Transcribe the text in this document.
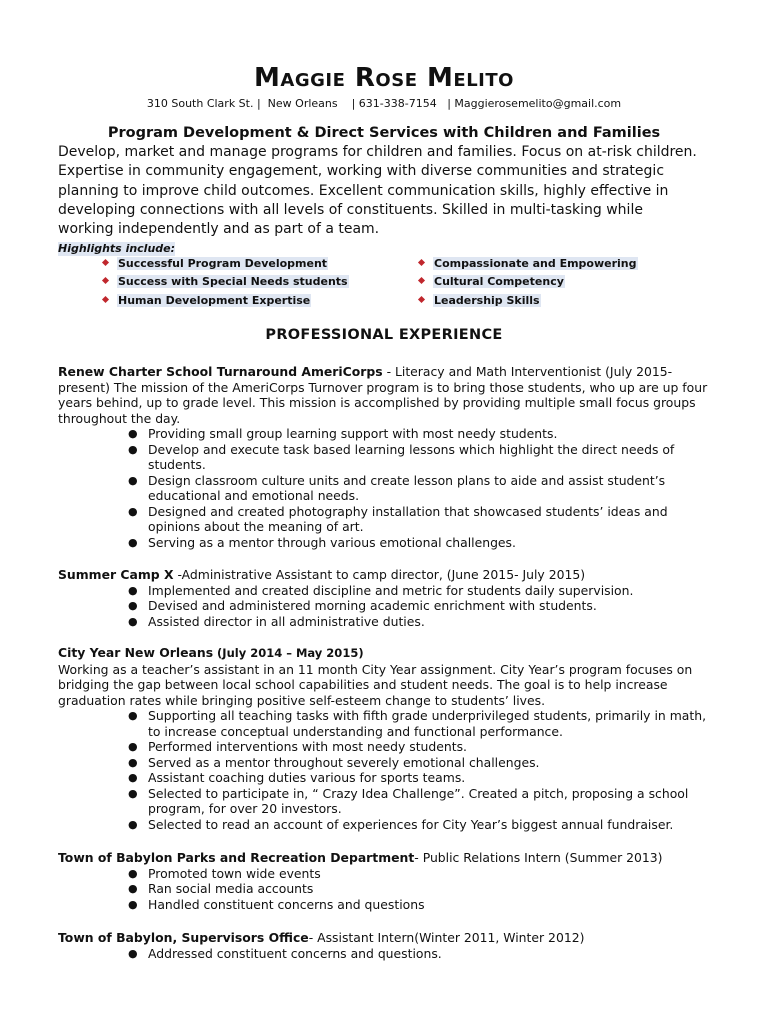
Maggie Rose Melito
310 South Clark St. |  New Orleans    | 631-338-7154   | Maggierosemelito@gmail.com
Program Development & Direct Services with Children and Families

Develop, market and manage programs for children and families. Focus on at-risk children. Expertise in community engagement, working with diverse communities and strategic planning to improve child outcomes. Excellent communication skills, highly effective in developing connections with all levels of constituents. Skilled in multi-tasking while working independently and as part of a team.

Highlights include:
Successful Program Development
Success with Special Needs students
Human Development Expertise
Compassionate and Empowering
Cultural Competency
Leadership Skills
PROFESSIONAL EXPERIENCE

Renew Charter School Turnaround AmeriCorps - Literacy and Math Interventionist (July 2015-present) The mission of the AmeriCorps Turnover program is to bring those students, who up are up four years behind, up to grade level. This mission is accomplished by providing multiple small focus groups throughout the day.

● Providing small group learning support with most needy students.
● Develop and execute task based learning lessons which highlight the direct needs of students.
● Design classroom culture units and create lesson plans to aide and assist student’s educational and emotional needs.
● Designed and created photography installation that showcased students’ ideas and opinions about the meaning of art.
● Serving as a mentor through various emotional challenges.

Summer Camp X -Administrative Assistant to camp director, (June 2015- July 2015)

● Implemented and created discipline and metric for students daily supervision.
● Devised and administered morning academic enrichment with students.
● Assisted director in all administrative duties.

City Year New Orleans (July 2014 – May 2015)

Working as a teacher’s assistant in an 11 month City Year assignment. City Year’s program focuses on bridging the gap between local school capabilities and student needs. The goal is to help increase graduation rates while bringing positive self-esteem change to students’ lives.

● Supporting all teaching tasks with fifth grade underprivileged students, primarily in math, to increase conceptual understanding and functional performance.
● Performed interventions with most needy students.
● Served as a mentor throughout severely emotional challenges.
● Assistant coaching duties various for sports teams.
● Selected to participate in, “ Crazy Idea Challenge”. Created a pitch, proposing a school program, for over 20 investors.
● Selected to read an account of experiences for City Year’s biggest annual fundraiser.

Town of Babylon Parks and Recreation Department- Public Relations Intern (Summer 2013)

● Promoted town wide events
● Ran social media accounts
● Handled constituent concerns and questions

Town of Babylon, Supervisors Office- Assistant Intern(Winter 2011, Winter 2012)

● Addressed constituent concerns and questions.
